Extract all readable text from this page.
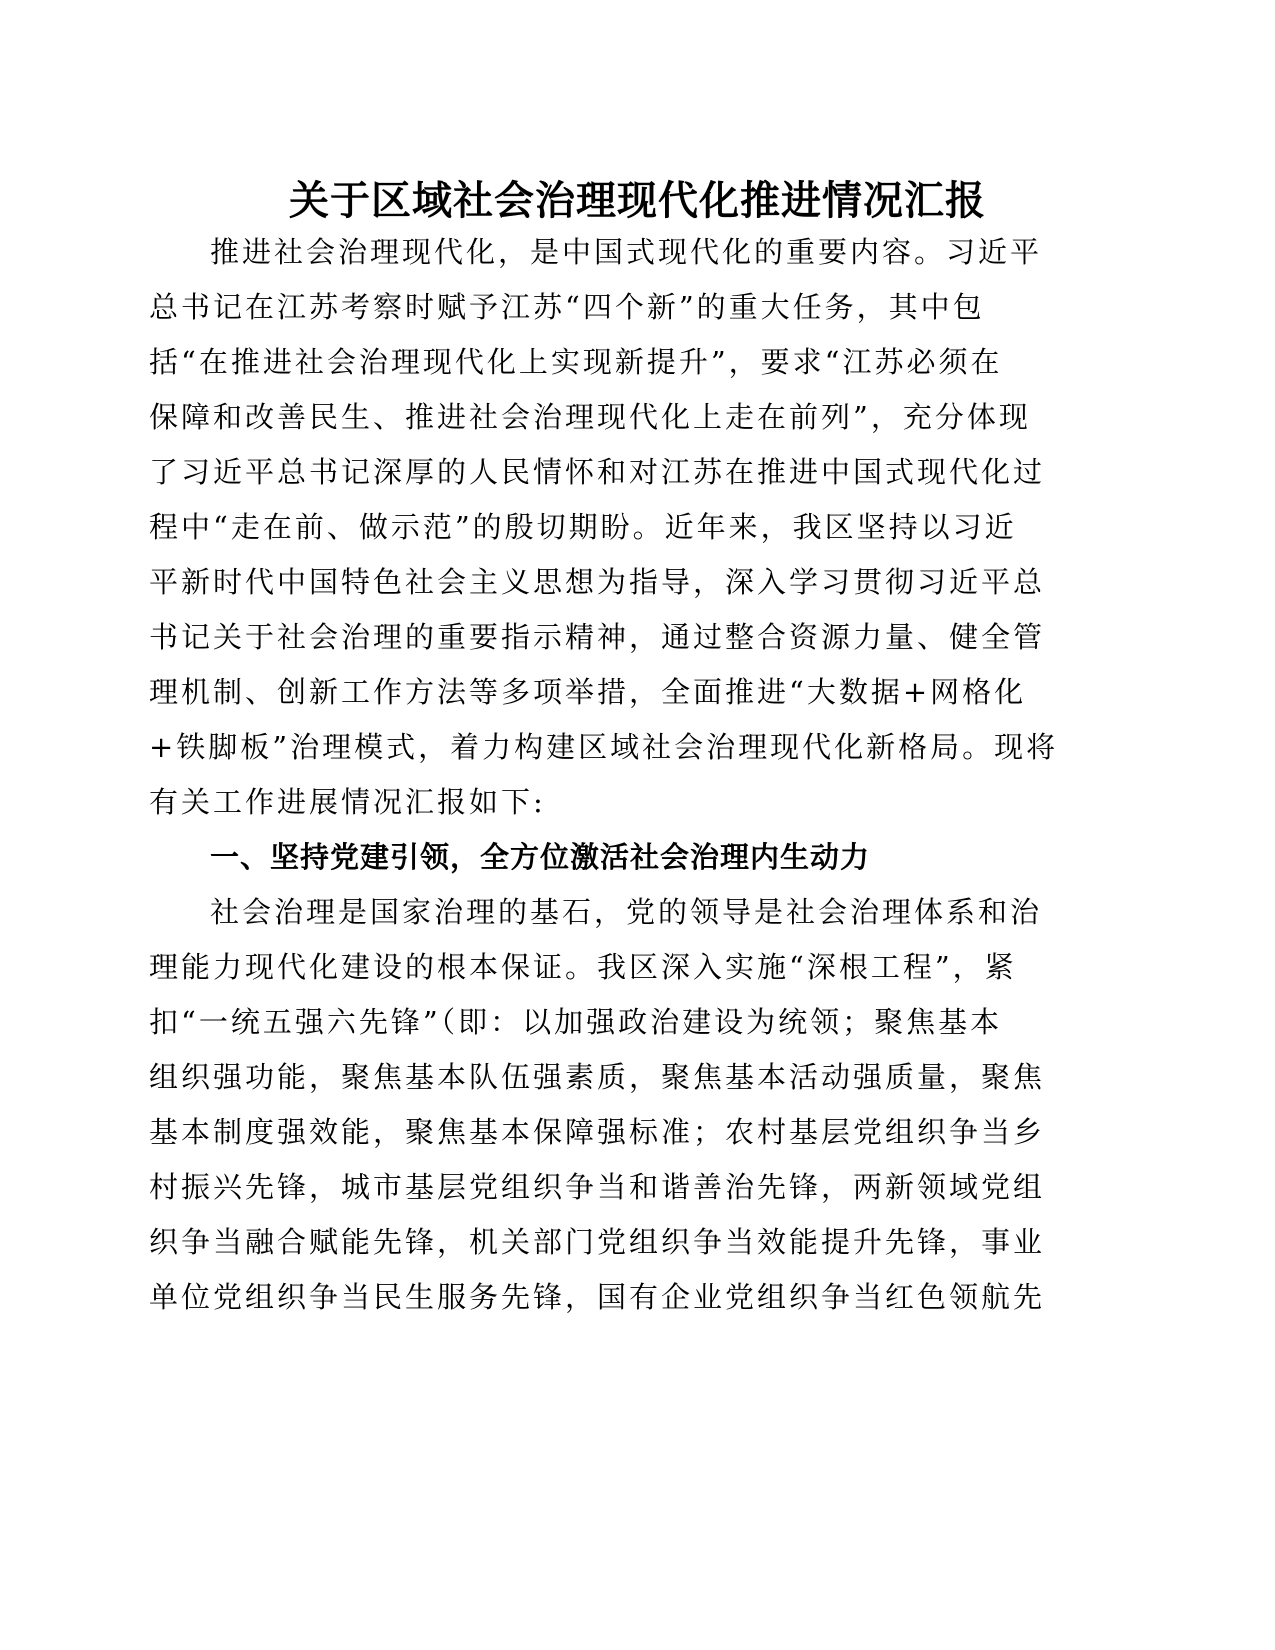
关于区域社会治理现代化推进情况汇报
推进社会治理现代化，是中国式现代化的重要内容。习近平
总书记在江苏考察时赋予江苏“四个新”的重大任务，其中包
括“在推进社会治理现代化上实现新提升”，要求“江苏必须在
保障和改善民生、推进社会治理现代化上走在前列”，充分体现
了习近平总书记深厚的人民情怀和对江苏在推进中国式现代化过
程中“走在前、做示范”的殷切期盼。近年来，我区坚持以习近
平新时代中国特色社会主义思想为指导，深入学习贯彻习近平总
书记关于社会治理的重要指示精神，通过整合资源力量、健全管
理机制、创新工作方法等多项举措，全面推进“大数据+网格化
+铁脚板”治理模式，着力构建区域社会治理现代化新格局。现将
有关工作进展情况汇报如下:
一、坚持党建引领，全方位激活社会治理内生动力
社会治理是国家治理的基石，党的领导是社会治理体系和治
理能力现代化建设的根本保证。我区深入实施“深根工程”，紧
扣“一统五强六先锋”（即：以加强政治建设为统领；聚焦基本
组织强功能，聚焦基本队伍强素质，聚焦基本活动强质量，聚焦
基本制度强效能，聚焦基本保障强标准；农村基层党组织争当乡
村振兴先锋，城市基层党组织争当和谐善治先锋，两新领域党组
织争当融合赋能先锋，机关部门党组织争当效能提升先锋，事业
单位党组织争当民生服务先锋，国有企业党组织争当红色领航先
